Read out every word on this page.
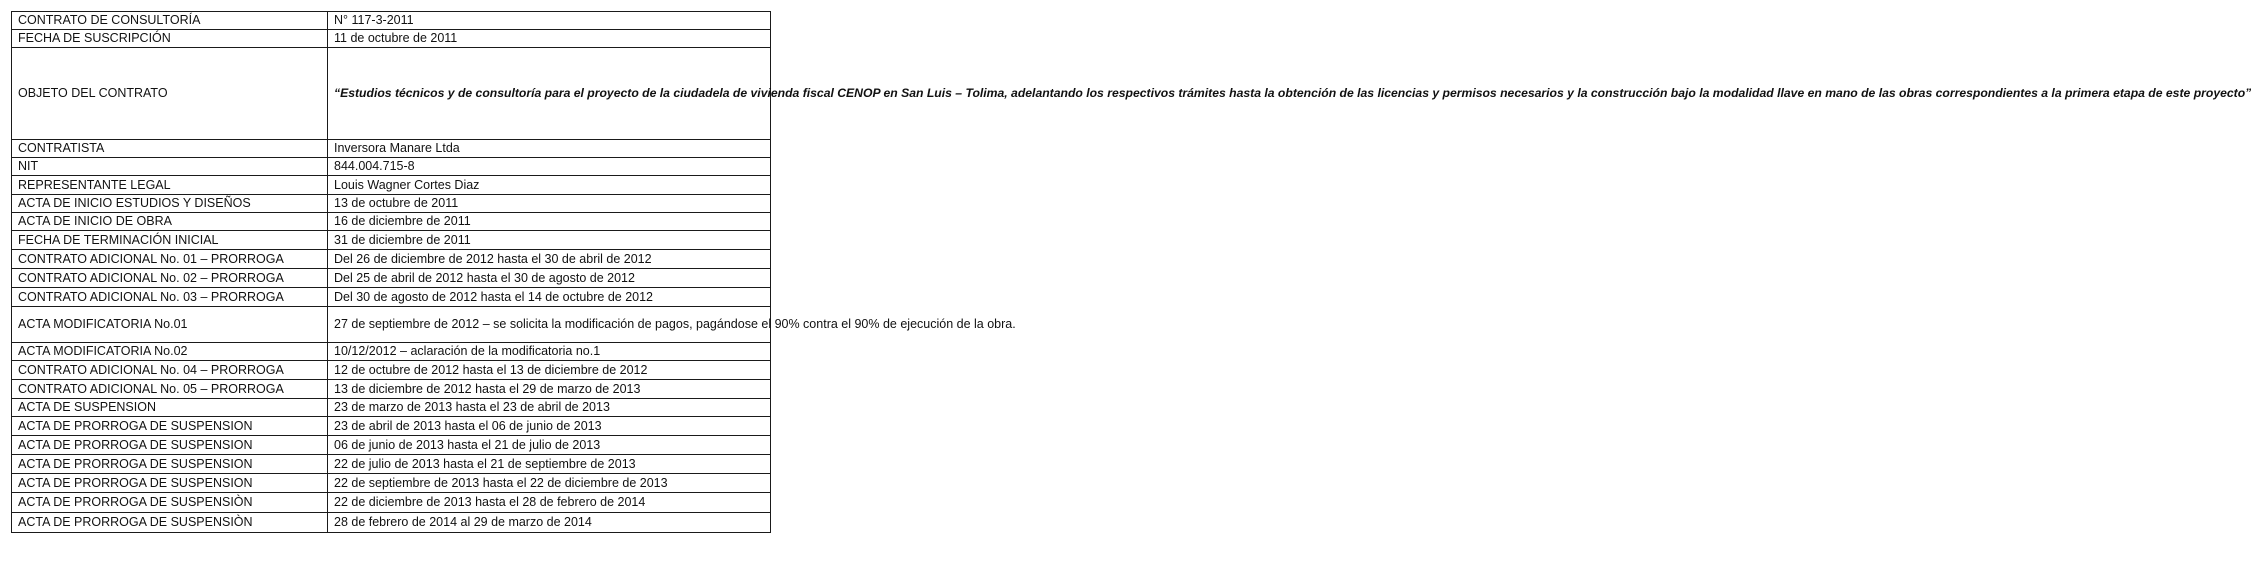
CONTRATO DE CONSULTORÍA	N° 117-3-2011
FECHA DE SUSCRIPCIÓN	11 de octubre de 2011
OBJETO DEL CONTRATO	“Estudios técnicos y de consultoría para el proyecto de la ciudadela de vivienda fiscal CENOP en San Luis – Tolima, adelantando los respectivos trámites hasta la obtención de las licencias y permisos necesarios y la construcción bajo la modalidad llave en mano de las obras correspondientes a la primera etapa de este proyecto”
CONTRATISTA	Inversora Manare Ltda
NIT	844.004.715-8
REPRESENTANTE LEGAL	Louis Wagner Cortes Diaz
ACTA DE INICIO ESTUDIOS Y DISEÑOS	13 de octubre de 2011
ACTA DE INICIO DE OBRA	16 de diciembre de 2011
FECHA DE TERMINACIÓN INICIAL	31 de diciembre de 2011
CONTRATO ADICIONAL No. 01 – PRORROGA	Del 26 de diciembre de 2012 hasta el 30 de abril de 2012
CONTRATO ADICIONAL No. 02 – PRORROGA	Del 25 de abril de 2012 hasta el 30 de agosto de 2012
CONTRATO ADICIONAL No. 03 – PRORROGA	Del 30 de agosto de 2012 hasta el 14 de octubre de 2012
ACTA MODIFICATORIA No.01	27 de septiembre de 2012 – se solicita la modificación de pagos, pagándose el 90% contra el 90% de ejecución de la obra.
ACTA MODIFICATORIA No.02	10/12/2012 – aclaración de la modificatoria no.1
CONTRATO ADICIONAL No. 04 – PRORROGA	12 de octubre de 2012 hasta el 13 de diciembre de 2012
CONTRATO ADICIONAL No. 05 – PRORROGA	13 de diciembre de 2012 hasta el 29 de marzo de 2013
ACTA DE SUSPENSION	23 de marzo de 2013 hasta el 23 de abril de 2013
ACTA DE PRORROGA DE SUSPENSION	23 de abril de 2013 hasta el 06 de junio de 2013
ACTA DE PRORROGA DE SUSPENSION	06 de junio de 2013 hasta el 21 de julio de 2013
ACTA DE PRORROGA DE SUSPENSION	22 de julio de 2013 hasta el 21 de septiembre de 2013
ACTA DE PRORROGA DE SUSPENSION	22 de septiembre de 2013 hasta el 22 de diciembre de 2013
ACTA DE PRORROGA DE SUSPENSIÒN	22 de diciembre de 2013 hasta el 28 de febrero de 2014
ACTA DE PRORROGA DE SUSPENSIÒN	28 de febrero de 2014 al 29 de marzo de 2014
